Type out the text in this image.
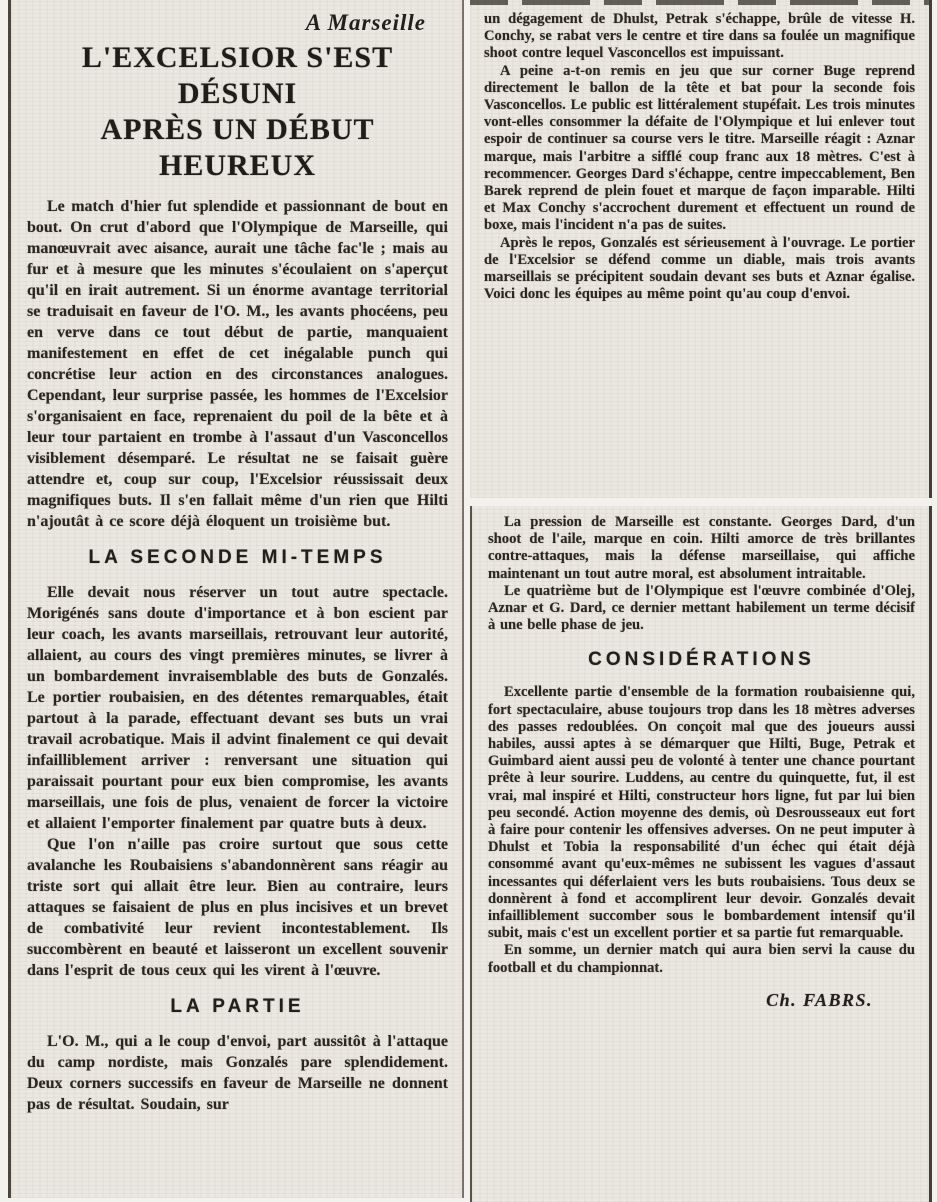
A Marseille
L'EXCELSIOR S'EST DÉSUNI
APRÈS UN DÉBUT HEUREUX

Le match d'hier fut splendide et passionnant de bout en bout. On crut d'abord que l'Olympique de Marseille, qui manœuvrait avec aisance, aurait une tâche fac'le ; mais au fur et à mesure que les minutes s'écoulaient on s'aperçut qu'il en irait autrement. Si un énorme avantage territorial se traduisait en faveur de l'O. M., les avants phocéens, peu en verve dans ce tout début de partie, manquaient manifestement en effet de cet inégalable punch qui concrétise leur action en des circonstances analogues. Cependant, leur surprise passée, les hommes de l'Excelsior s'organisaient en face, reprenaient du poil de la bête et à leur tour partaient en trombe à l'assaut d'un Vasconcellos visiblement désemparé. Le résultat ne se faisait guère attendre et, coup sur coup, l'Excelsior réussissait deux magnifiques buts. Il s'en fallait même d'un rien que Hilti n'ajoutât à ce score déjà éloquent un troisième but.

LA SECONDE MI-TEMPS

Elle devait nous réserver un tout autre spectacle. Morigénés sans doute d'importance et à bon escient par leur coach, les avants marseillais, retrouvant leur autorité, allaient, au cours des vingt premières minutes, se livrer à un bombardement invraisemblable des buts de Gonzalés. Le portier roubaisien, en des détentes remarquables, était partout à la parade, effectuant devant ses buts un vrai travail acrobatique. Mais il advint finalement ce qui devait infailliblement arriver : renversant une situation qui paraissait pourtant pour eux bien compromise, les avants marseillais, une fois de plus, venaient de forcer la victoire et allaient l'emporter finalement par quatre buts à deux.

Que l'on n'aille pas croire surtout que sous cette avalanche les Roubaisiens s'abandonnèrent sans réagir au triste sort qui allait être leur. Bien au contraire, leurs attaques se faisaient de plus en plus incisives et un brevet de combativité leur revient incontestablement. Ils succombèrent en beauté et laisseront un excellent souvenir dans l'esprit de tous ceux qui les virent à l'œuvre.

LA PARTIE

L'O. M., qui a le coup d'envoi, part aussitôt à l'attaque du camp nordiste, mais Gonzalés pare splendidement. Deux corners successifs en faveur de Marseille ne donnent pas de résultat. Soudain, sur

un dégagement de Dhulst, Petrak s'échappe, brûle de vitesse H. Conchy, se rabat vers le centre et tire dans sa foulée un magnifique shoot contre lequel Vasconcellos est impuissant.

A peine a-t-on remis en jeu que sur corner Buge reprend directement le ballon de la tête et bat pour la seconde fois Vasconcellos. Le public est littéralement stupéfait. Les trois minutes vont-elles consommer la défaite de l'Olympique et lui enlever tout espoir de continuer sa course vers le titre. Marseille réagit : Aznar marque, mais l'arbitre a sifflé coup franc aux 18 mètres. C'est à recommencer. Georges Dard s'échappe, centre impeccablement, Ben Barek reprend de plein fouet et marque de façon imparable. Hilti et Max Conchy s'accrochent durement et effectuent un round de boxe, mais l'incident n'a pas de suites.

Après le repos, Gonzalés est sérieusement à l'ouvrage. Le portier de l'Excelsior se défend comme un diable, mais trois avants marseillais se précipitent soudain devant ses buts et Aznar égalise. Voici donc les équipes au même point qu'au coup d'envoi.

La pression de Marseille est constante. Georges Dard, d'un shoot de l'aile, marque en coin. Hilti amorce de très brillantes contre-attaques, mais la défense marseillaise, qui affiche maintenant un tout autre moral, est absolument intraitable.

Le quatrième but de l'Olympique est l'œuvre combinée d'Olej, Aznar et G. Dard, ce dernier mettant habilement un terme décisif à une belle phase de jeu.

CONSIDÉRATIONS

Excellente partie d'ensemble de la formation roubaisienne qui, fort spectaculaire, abuse toujours trop dans les 18 mètres adverses des passes redoublées. On conçoit mal que des joueurs aussi habiles, aussi aptes à se démarquer que Hilti, Buge, Petrak et Guimbard aient aussi peu de volonté à tenter une chance pourtant prête à leur sourire. Luddens, au centre du quinquette, fut, il est vrai, mal inspiré et Hilti, constructeur hors ligne, fut par lui bien peu secondé. Action moyenne des demis, où Desrousseaux eut fort à faire pour contenir les offensives adverses. On ne peut imputer à Dhulst et Tobia la responsabilité d'un échec qui était déjà consommé avant qu'eux-mêmes ne subissent les vagues d'assaut incessantes qui déferlaient vers les buts roubaisiens. Tous deux se donnèrent à fond et accomplirent leur devoir. Gonzalés devait infailliblement succomber sous le bombardement intensif qu'il subit, mais c'est un excellent portier et sa partie fut remarquable.

En somme, un dernier match qui aura bien servi la cause du football et du championnat.

Ch. FABRS.
